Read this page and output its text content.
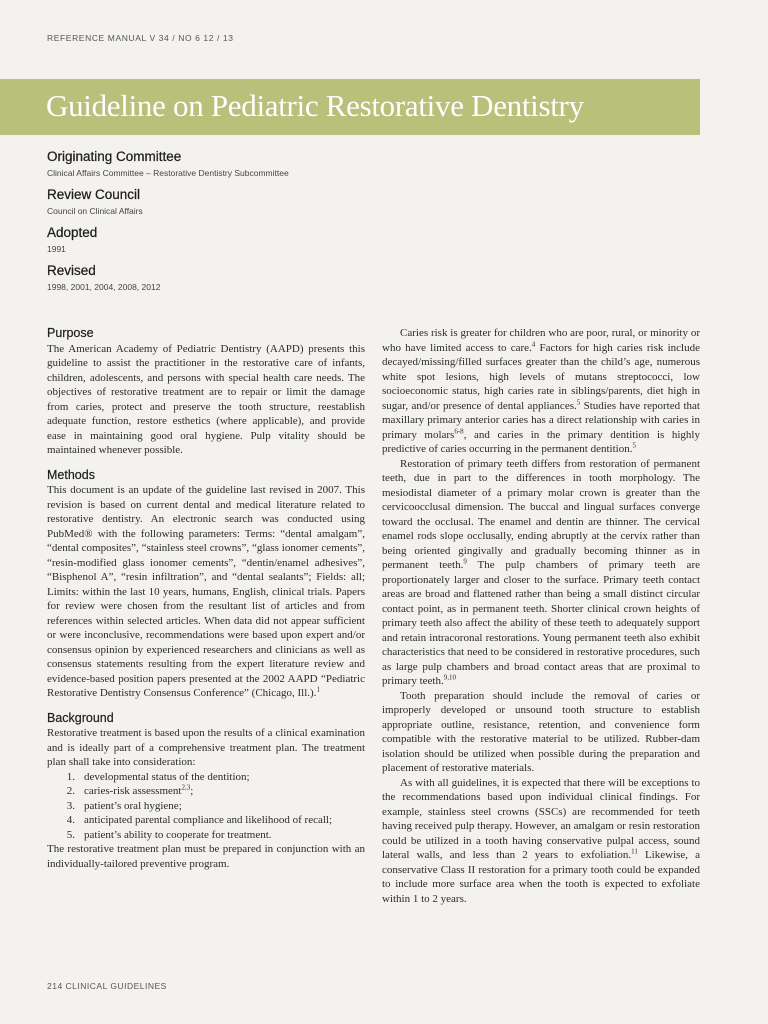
REFERENCE MANUAL V 34 / NO 6 12 / 13
Guideline on Pediatric Restorative Dentistry
Originating Committee

Clinical Affairs Committee – Restorative Dentistry Subcommittee

Review Council

Council on Clinical Affairs

Adopted

1991

Revised

1998, 2001, 2004, 2008, 2012

Purpose

The American Academy of Pediatric Dentistry (AAPD) presents this guideline to assist the practitioner in the restorative care of infants, children, adolescents, and persons with special health care needs. The objectives of restorative treatment are to repair or limit the damage from caries, protect and preserve the tooth structure, reestablish adequate function, restore esthetics (where applicable), and provide ease in maintaining good oral hygiene. Pulp vitality should be maintained whenever possible.

Methods

This document is an update of the guideline last revised in 2007. This revision is based on current dental and medical literature related to restorative dentistry. An electronic search was conducted using PubMed® with the following parameters: Terms: “dental amalgam”, “dental composites”, “stainless steel crowns”, “glass ionomer cements”, “resin-modified glass ionomer cements”, “dentin/enamel adhesives”, “Bisphenol A”, “resin infiltration”, and “dental sealants”; Fields: all; Limits: within the last 10 years, humans, English, clinical trials. Papers for review were chosen from the resultant list of articles and from references within selected articles. When data did not appear sufficient or were inconclusive, recommendations were based upon expert and/or consensus opinion by experienced researchers and clinicians as well as consensus statements resulting from the expert literature review and evidence-based position papers presented at the 2002 AAPD “Pediatric Restorative Dentistry Consensus Conference” (Chicago, Ill.).$^1$

Background

Restorative treatment is based upon the results of a clinical examination and is ideally part of a comprehensive treatment plan. The treatment plan shall take into consideration:

1. developmental status of the dentition;
2. caries-risk assessment$^{2,3}$;
3. patient’s oral hygiene;
4. anticipated parental compliance and likelihood of recall;
5. patient’s ability to cooperate for treatment.

The restorative treatment plan must be prepared in conjunction with an individually-tailored preventive program.

Caries risk is greater for children who are poor, rural, or minority or who have limited access to care.$^4$ Factors for high caries risk include decayed/missing/filled surfaces greater than the child’s age, numerous white spot lesions, high levels of mutans streptococci, low socioeconomic status, high caries rate in siblings/parents, diet high in sugar, and/or presence of dental appliances.$^5$ Studies have reported that maxillary primary anterior caries has a direct relationship with caries in primary molars$^{6-8}$, and caries in the primary dentition is highly predictive of caries occurring in the permanent dentition.$^5$

Restoration of primary teeth differs from restoration of permanent teeth, due in part to the differences in tooth morphology. The mesiodistal diameter of a primary molar crown is greater than the cervicoocclusal dimension. The buccal and lingual surfaces converge toward the occlusal. The enamel and dentin are thinner. The cervical enamel rods slope occlusally, ending abruptly at the cervix rather than being oriented gingivally and gradually becoming thinner as in permanent teeth.$^9$ The pulp chambers of primary teeth are proportionately larger and closer to the surface. Primary teeth contact areas are broad and flattened rather than being a small distinct circular contact point, as in permanent teeth. Shorter clinical crown heights of primary teeth also affect the ability of these teeth to adequately support and retain intracoronal restorations. Young permanent teeth also exhibit characteristics that need to be considered in restorative procedures, such as large pulp chambers and broad contact areas that are proximal to primary teeth.$^{9,10}$

Tooth preparation should include the removal of caries or improperly developed or unsound tooth structure to establish appropriate outline, resistance, retention, and convenience form compatible with the restorative material to be utilized. Rubber-dam isolation should be utilized when possible during the preparation and placement of restorative materials.

As with all guidelines, it is expected that there will be exceptions to the recommendations based upon individual clinical findings. For example, stainless steel crowns (SSCs) are recommended for teeth having received pulp therapy. However, an amalgam or resin restoration could be utilized in a tooth having conservative pulpal access, sound lateral walls, and less than 2 years to exfoliation.$^{11}$ Likewise, a conservative Class II restoration for a primary tooth could be expanded to include more surface area when the tooth is expected to exfoliate within 1 to 2 years.

214 CLINICAL GUIDELINES
